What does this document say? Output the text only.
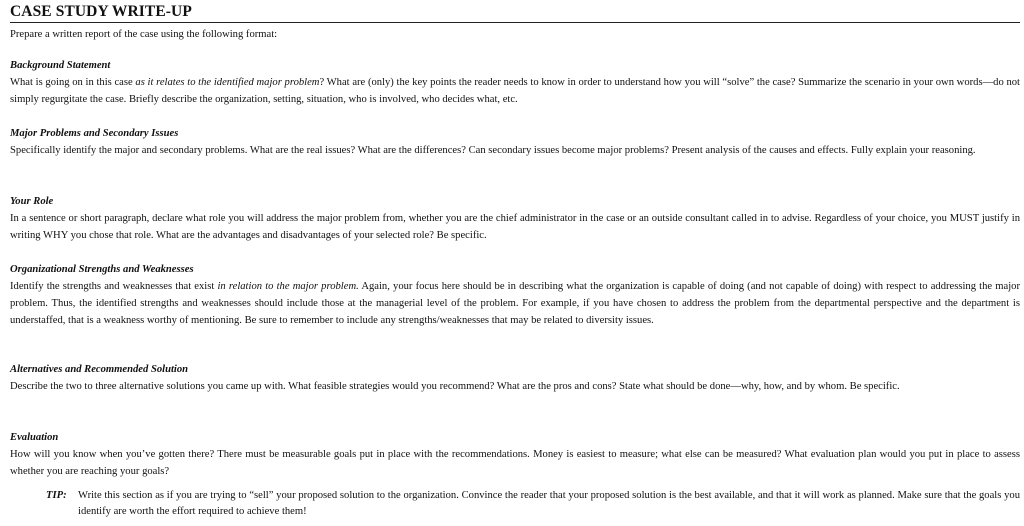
CASE STUDY WRITE-UP

Prepare a written report of the case using the following format:

Background Statement

What is going on in this case as it relates to the identified major problem? What are (only) the key points the reader needs to know in order to understand how you will “solve” the case? Summarize the scenario in your own words—do not simply regurgitate the case. Briefly describe the organization, setting, situation, who is involved, who decides what, etc.

Major Problems and Secondary Issues

Specifically identify the major and secondary problems. What are the real issues? What are the differences? Can secondary issues become major problems? Present analysis of the causes and effects. Fully explain your reasoning.

Your Role

In a sentence or short paragraph, declare what role you will address the major problem from, whether you are the chief administrator in the case or an outside consultant called in to advise. Regardless of your choice, you MUST justify in writing WHY you chose that role. What are the advantages and disadvantages of your selected role? Be specific.

Organizational Strengths and Weaknesses

Identify the strengths and weaknesses that exist in relation to the major problem. Again, your focus here should be in describing what the organization is capable of doing (and not capable of doing) with respect to addressing the major problem. Thus, the identified strengths and weaknesses should include those at the managerial level of the problem. For example, if you have chosen to address the problem from the departmental perspective and the department is understaffed, that is a weakness worthy of mentioning. Be sure to remember to include any strengths/weaknesses that may be related to diversity issues.

Alternatives and Recommended Solution

Describe the two to three alternative solutions you came up with. What feasible strategies would you recommend? What are the pros and cons? State what should be done—why, how, and by whom. Be specific.

Evaluation

How will you know when you’ve gotten there? There must be measurable goals put in place with the recommendations. Money is easiest to measure; what else can be measured? What evaluation plan would you put in place to assess whether you are reaching your goals?

TIP:	Write this section as if you are trying to “sell” your proposed solution to the organization. Convince the reader that your proposed solution is the best available, and that it will work as planned. Make sure that the goals you identify are worth the effort required to achieve them!
